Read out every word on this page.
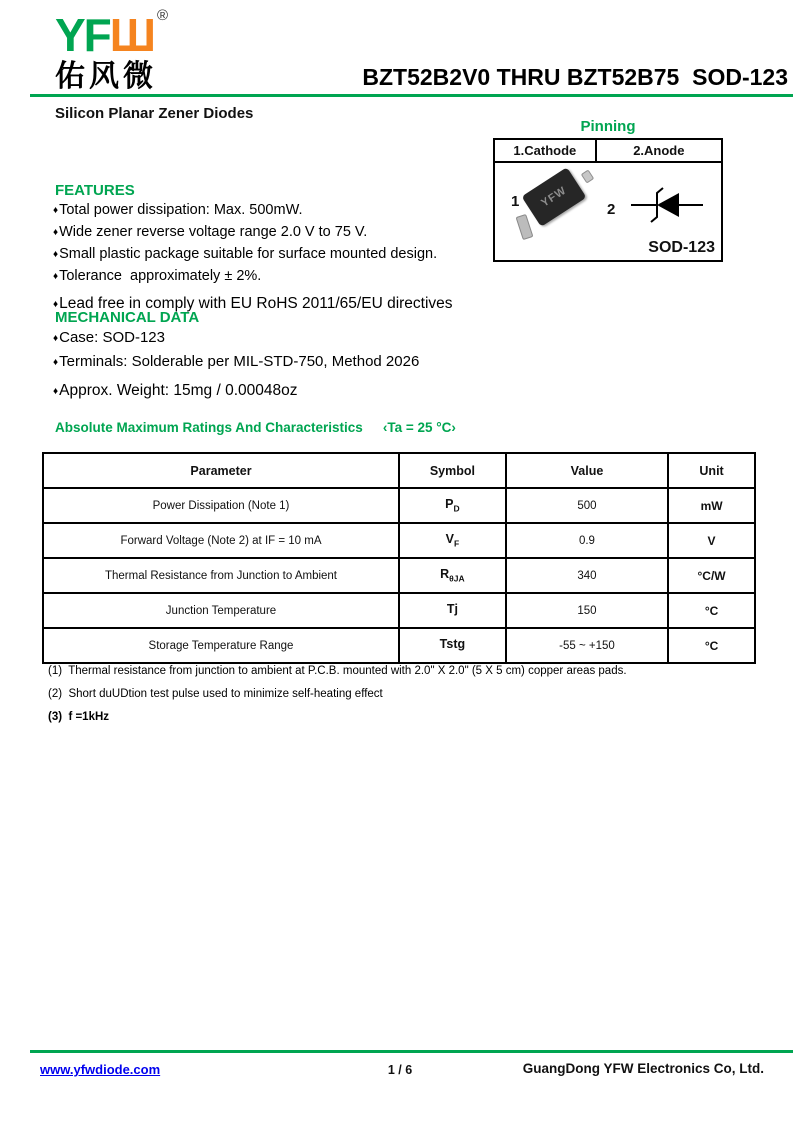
YFШ ®
佑风微	BZT52B2V0 THRU BZT52B75  SOD-123
Silicon Planar Zener Diodes
Pinning
1.Cathode	2.Anode
YFW
1	2
SOD-123
FEATURES
♦ Total power dissipation: Max. 500mW.
♦ Wide zener reverse voltage range 2.0 V to 75 V.
♦ Small plastic package suitable for surface mounted design.
♦ Tolerance  approximately ± 2%.
♦ Lead free in comply with EU RoHS 2011/65/EU directives
MECHANICAL DATA
♦ Case: SOD-123
♦ Terminals: Solderable per MIL-STD-750, Method 2026
♦ Approx. Weight: 15mg / 0.00048oz
Absolute Maximum Ratings And Characteristics ‹Ta = 25 °C›
Parameter	Symbol	Value	Unit
Power Dissipation (Note 1)	$P_D$	500	mW
Forward Voltage (Note 2) at IF = 10 mA	$V_F$	0.9	V
Thermal Resistance from Junction to Ambient	$R_{\theta JA}$	340	°C/W
Junction Temperature	Tj	150	°C
Storage Temperature Range	Tstg	-55 ~ +150	°C
(1)  Thermal resistance from junction to ambient at P.C.B. mounted with 2.0" X 2.0" (5 X 5 cm) copper areas pads.
(2)  Short duUDtion test pulse used to minimize self-heating effect
(3)  f =1kHz
www.yfwdiode.com	1 / 6	GuangDong YFW Electronics Co, Ltd.
